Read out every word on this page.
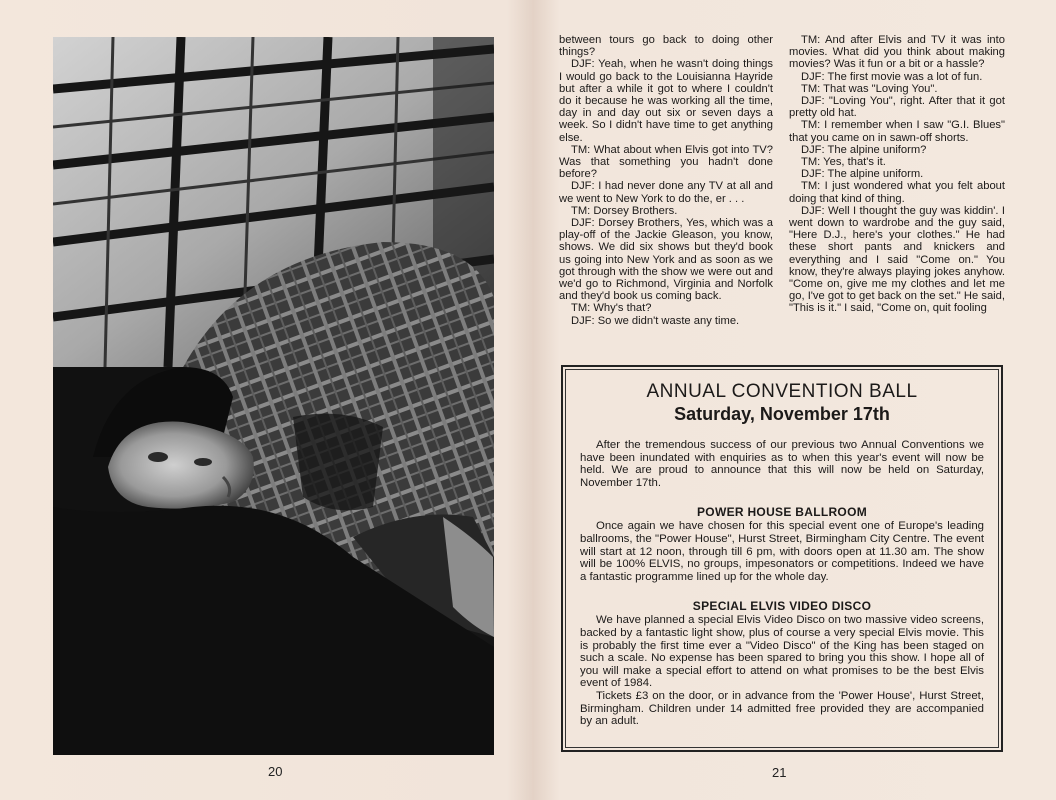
20

between tours go back to doing other things?

DJF: Yeah, when he wasn't doing things I would go back to the Louisianna Hayride but after a while it got to where I couldn't do it because he was working all the time, day in and day out six or seven days a week. So I didn't have time to get anything else.

TM: What about when Elvis got into TV? Was that something you hadn't done before?

DJF: I had never done any TV at all and we went to New York to do the, er . . .

TM: Dorsey Brothers.

DJF: Dorsey Brothers, Yes, which was a play-off of the Jackie Gleason, you know, shows. We did six shows but they'd book us going into New York and as soon as we got through with the show we were out and we'd go to Richmond, Virginia and Norfolk and they'd book us coming back.

TM: Why's that?

DJF: So we didn't waste any time.

TM: And after Elvis and TV it was into movies. What did you think about making movies? Was it fun or a bit or a hassle?

DJF: The first movie was a lot of fun.

TM: That was "Loving You".

DJF: "Loving You", right. After that it got pretty old hat.

TM: I remember when I saw "G.I. Blues" that you came on in sawn-off shorts.

DJF: The alpine uniform?

TM: Yes, that's it.

DJF: The alpine uniform.

TM: I just wondered what you felt about doing that kind of thing.

DJF: Well I thought the guy was kiddin'. I went down to wardrobe and the guy said, "Here D.J., here's your clothes." He had these short pants and knickers and everything and I said "Come on." You know, they're always playing jokes anyhow. "Come on, give me my clothes and let me go, I've got to get back on the set." He said, "This is it." I said, "Come on, quit fooling

ANNUAL CONVENTION BALL
Saturday, November 17th

After the tremendous success of our previous two Annual Conventions we have been inundated with enquiries as to when this year's event will now be held. We are proud to announce that this will now be held on Saturday, November 17th.

POWER HOUSE BALLROOM

Once again we have chosen for this special event one of Europe's leading ballrooms, the "Power House", Hurst Street, Birmingham City Centre. The event will start at 12 noon, through till 6 pm, with doors open at 11.30 am. The show will be 100% ELVIS, no groups, impesonators or competitions. Indeed we have a fantastic programme lined up for the whole day.

SPECIAL ELVIS VIDEO DISCO

We have planned a special Elvis Video Disco on two massive video screens, backed by a fantastic light show, plus of course a very special Elvis movie. This is probably the first time ever a "Video Disco" of the King has been staged on such a scale. No expense has been spared to bring you this show. I hope all of you will make a special effort to attend on what promises to be the best Elvis event of 1984.

Tickets £3 on the door, or in advance from the 'Power House', Hurst Street, Birmingham. Children under 14 admitted free provided they are accompanied by an adult.

21
